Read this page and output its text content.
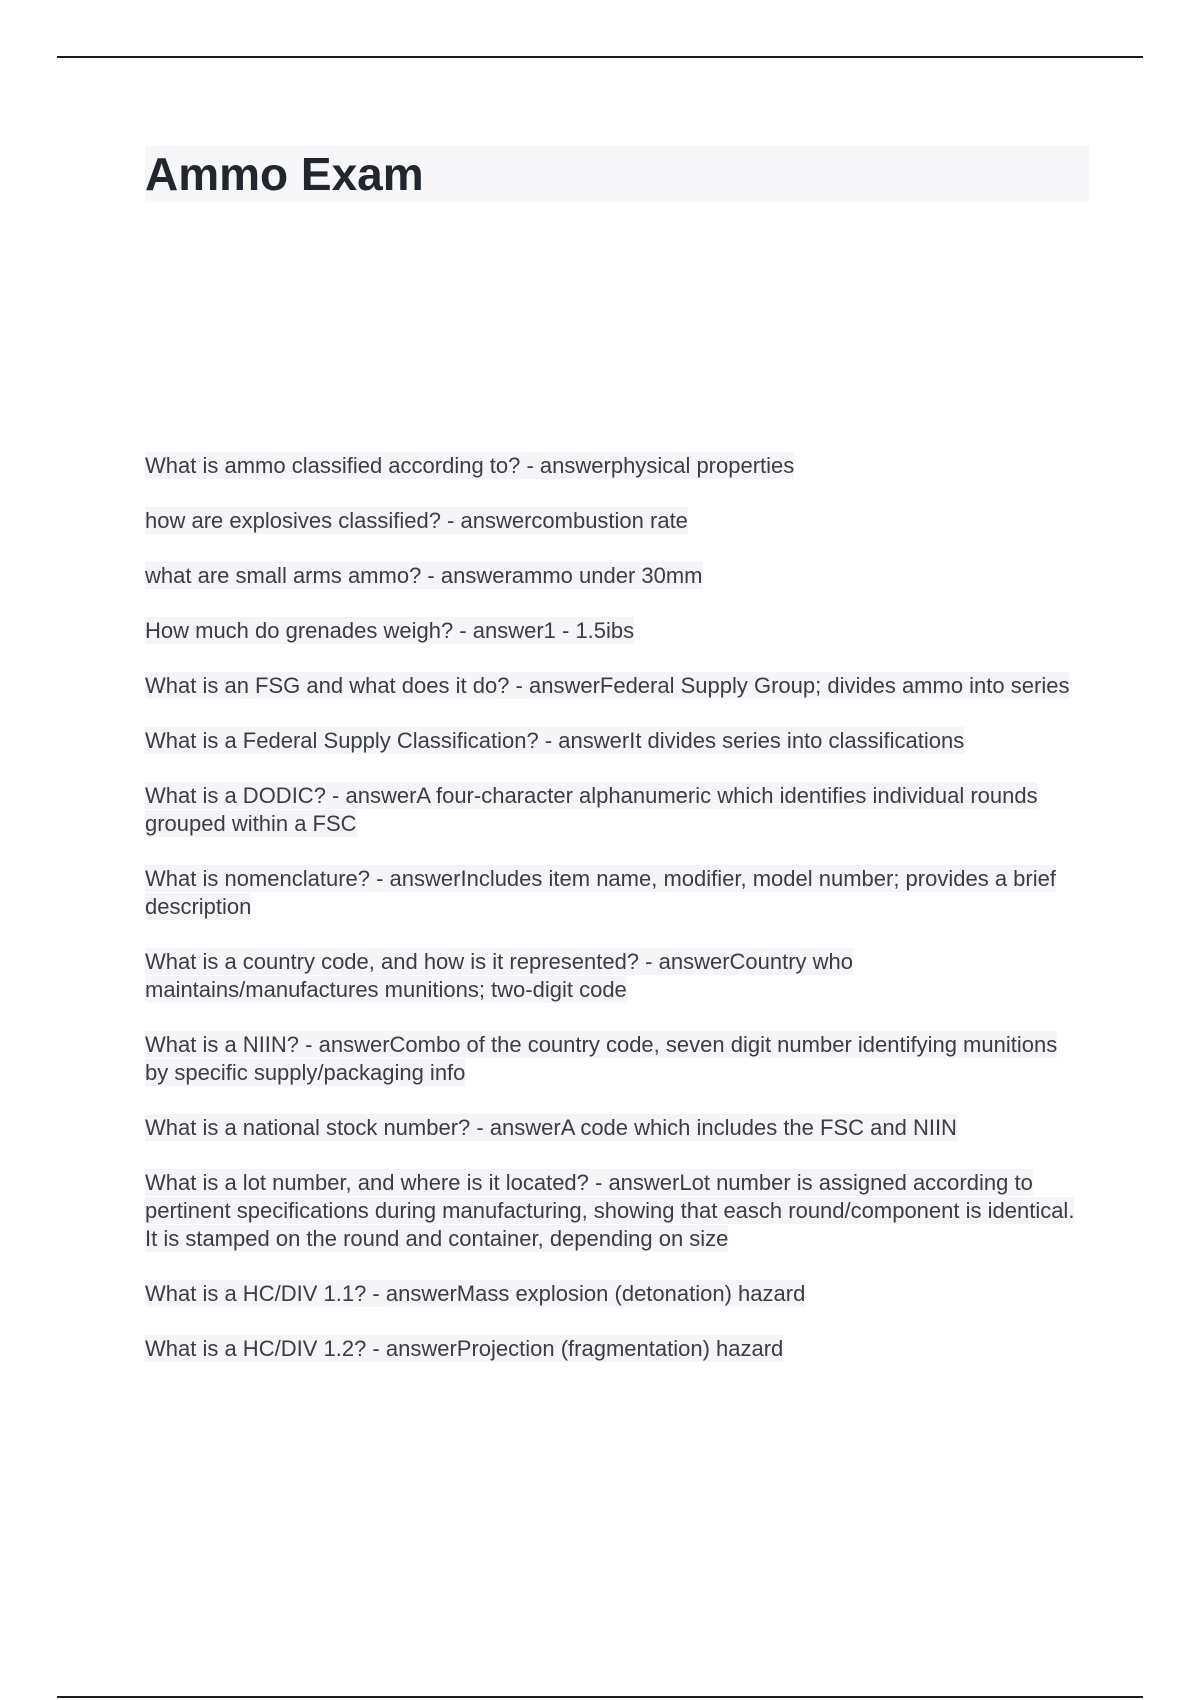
Ammo Exam

What is ammo classified according to? - answerphysical properties

how are explosives classified? - answercombustion rate

what are small arms ammo? - answerammo under 30mm

How much do grenades weigh? - answer1 - 1.5ibs

What is an FSG and what does it do? - answerFederal Supply Group; divides ammo into series

What is a Federal Supply Classification? - answerIt divides series into classifications

What is a DODIC? - answerA four-character alphanumeric which identifies individual rounds grouped within a FSC

What is nomenclature? - answerIncludes item name, modifier, model number; provides a brief description

What is a country code, and how is it represented? - answerCountry who maintains/manufactures munitions; two-digit code

What is a NIIN? - answerCombo of the country code, seven digit number identifying munitions by specific supply/packaging info

What is a national stock number? - answerA code which includes the FSC and NIIN

What is a lot number, and where is it located? - answerLot number is assigned according to pertinent specifications during manufacturing, showing that easch round/component is identical. It is stamped on the round and container, depending on size

What is a HC/DIV 1.1? - answerMass explosion (detonation) hazard

What is a HC/DIV 1.2? - answerProjection (fragmentation) hazard
